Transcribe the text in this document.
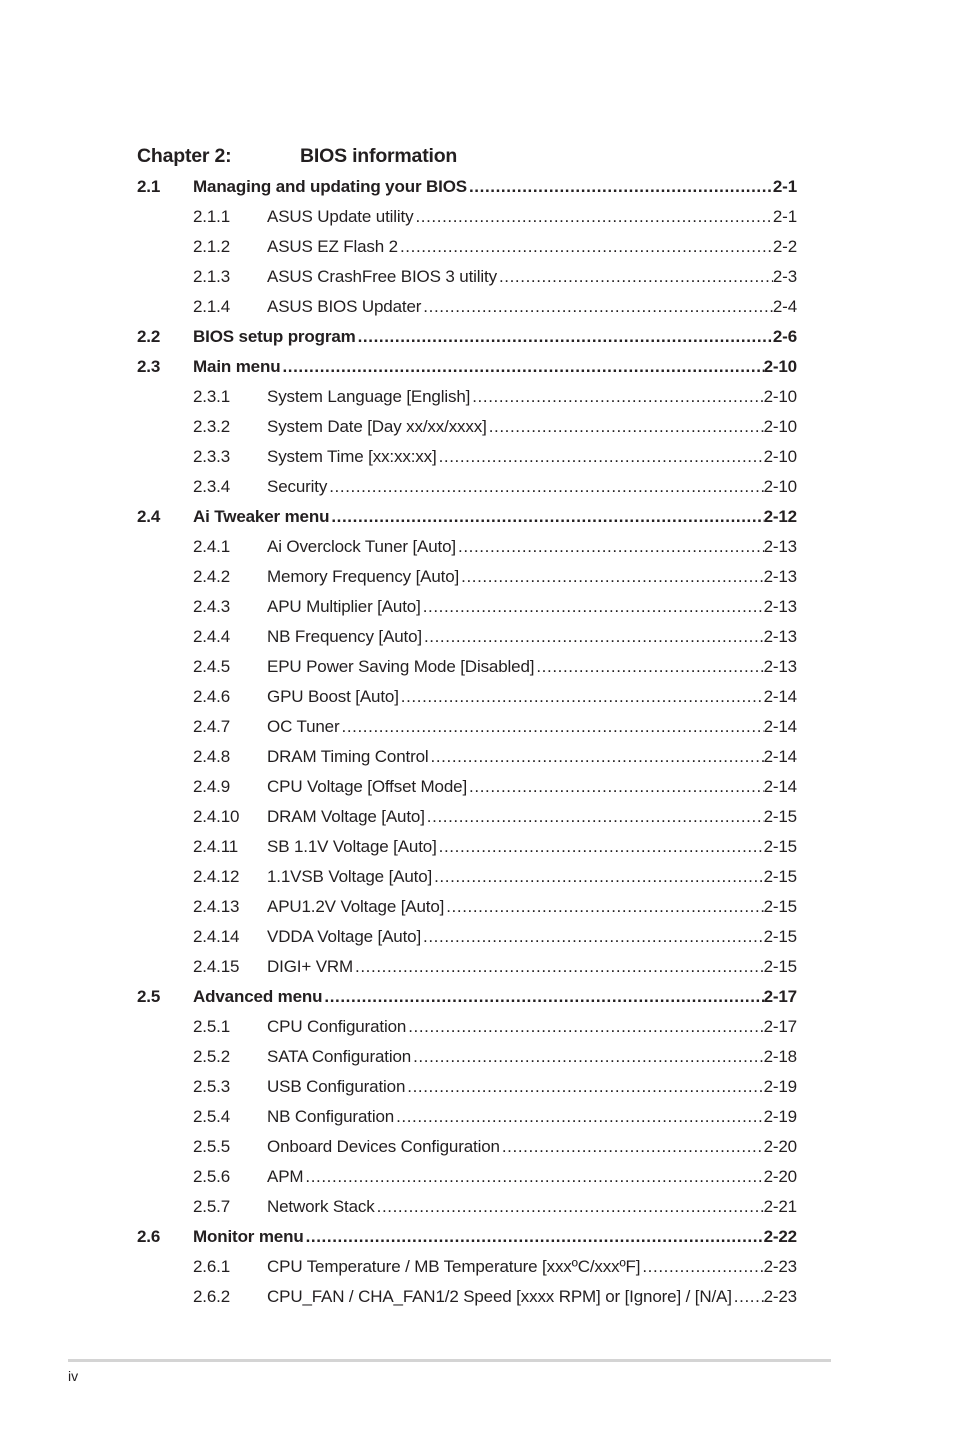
Chapter 2:	BIOS information
2.1 Managing and updating your BIOS .....	2-1
2.1.1 ASUS Update utility .....	2-1
2.1.2 ASUS EZ Flash 2 .....	2-2
2.1.3 ASUS CrashFree BIOS 3 utility .....	2-3
2.1.4 ASUS BIOS Updater .....	2-4
2.2 BIOS setup program .....	2-6
2.3 Main menu .....	2-10
2.3.1 System Language [English] .....	2-10
2.3.2 System Date [Day xx/xx/xxxx] .....	2-10
2.3.3 System Time [xx:xx:xx] .....	2-10
2.3.4 Security .....	2-10
2.4 Ai Tweaker menu .....	2-12
2.4.1 Ai Overclock Tuner [Auto] .....	2-13
2.4.2 Memory Frequency [Auto] .....	2-13
2.4.3 APU Multiplier [Auto] .....	2-13
2.4.4 NB Frequency [Auto] .....	2-13
2.4.5 EPU Power Saving Mode [Disabled] .....	2-13
2.4.6 GPU Boost [Auto] .....	2-14
2.4.7 OC Tuner .....	2-14
2.4.8 DRAM Timing Control .....	2-14
2.4.9 CPU Voltage [Offset Mode] .....	2-14
2.4.10 DRAM Voltage [Auto] .....	2-15
2.4.11 SB 1.1V Voltage [Auto] .....	2-15
2.4.12 1.1VSB Voltage [Auto] .....	2-15
2.4.13 APU1.2V Voltage [Auto] .....	2-15
2.4.14 VDDA Voltage [Auto] .....	2-15
2.4.15 DIGI+ VRM .....	2-15
2.5 Advanced menu .....	2-17
2.5.1 CPU Configuration .....	2-17
2.5.2 SATA Configuration .....	2-18
2.5.3 USB Configuration .....	2-19
2.5.4 NB Configuration .....	2-19
2.5.5 Onboard Devices Configuration .....	2-20
2.5.6 APM .....	2-20
2.5.7 Network Stack .....	2-21
2.6 Monitor menu .....	2-22
2.6.1 CPU Temperature / MB Temperature [xxxºC/xxxºF] .....	2-23
2.6.2 CPU_FAN / CHA_FAN1/2 Speed [xxxx RPM] or [Ignore] / [N/A] ..... 2-23
iv
